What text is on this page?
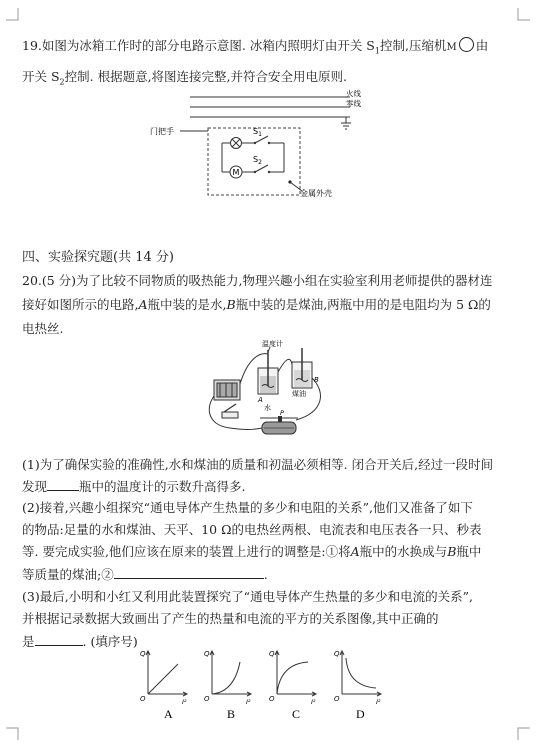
19.如图为冰箱工作时的部分电路示意图. 冰箱内照明灯由开关 $S_1$控制,压缩机M 由
开关 $S_2$控制. 根据题意,将图连接完整,并符合安全用电原则.
火线
零线
门把手	$S_1$
M
$S_2$
金属外壳
四、实验探究题(共 14 分)
20.(5 分)为了比较不同物质的吸热能力,物理兴趣小组在实验室利用老师提供的器材连
接好如图所示的电路,A瓶中装的是水,B瓶中装的是煤油,两瓶中用的是电阻均为 5 Ω的
电热丝.
A
水
B
煤油
温度计
P
(1)为了确保实验的准确性,水和煤油的质量和初温必须相等. 闭合开关后,经过一段时间
发现	瓶中的温度计的示数升高得多.
(2)接着,兴趣小组探究“通电导体产生热量的多少和电阻的关系”,他们又准备了如下
的物品:足量的水和煤油、天平、10 Ω的电热丝两根、电流表和电压表各一只、秒表
等. 要完成实验,他们应该在原来的装置上进行的调整是:①将A瓶中的水换成与B瓶中
等质量的煤油;②	.
(3)最后,小明和小红又利用此装置探究了“通电导体产生热量的多少和电流的关系”,
并根据记录数据大致画出了产生的热量和电流的平方的关系图像,其中正确的
是	. (填序号)
Q
O	I²
A
Q
O	I²
B
Q
O	I²
C
Q
O	I²
D
